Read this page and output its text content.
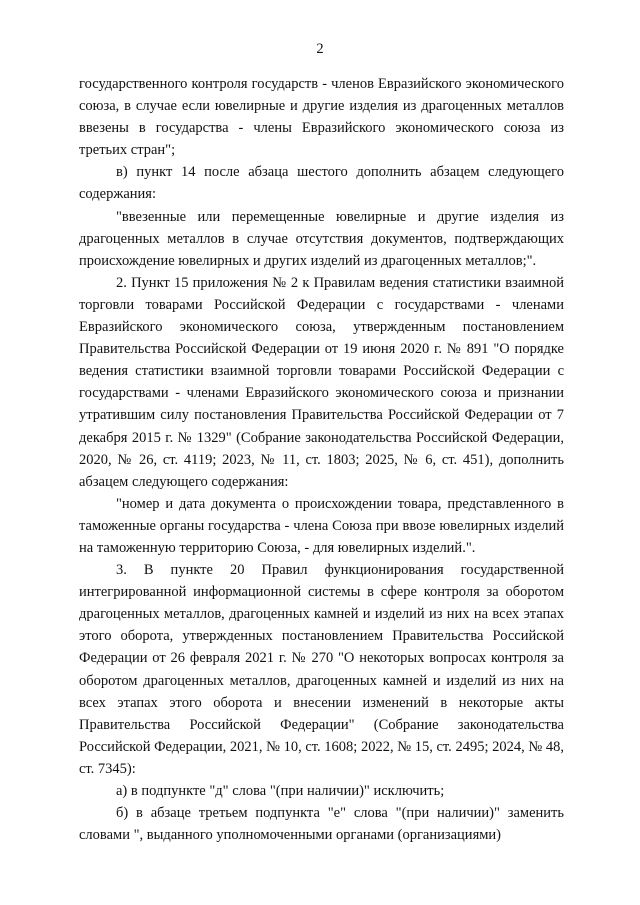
2

государственного контроля государств - членов Евразийского экономического союза, в случае если ювелирные и другие изделия из драгоценных металлов ввезены в государства - члены Евразийского экономического союза из третьих стран";

в) пункт 14 после абзаца шестого дополнить абзацем следующего содержания:

"ввезенные или перемещенные ювелирные и другие изделия из драгоценных металлов в случае отсутствия документов, подтверждающих происхождение ювелирных и других изделий из драгоценных металлов;".

2. Пункт 15 приложения № 2 к Правилам ведения статистики взаимной торговли товарами Российской Федерации с государствами - членами Евразийского экономического союза, утвержденным постановлением Правительства Российской Федерации от 19 июня 2020 г. № 891 "О порядке ведения статистики взаимной торговли товарами Российской Федерации с государствами - членами Евразийского экономического союза и признании утратившим силу постановления Правительства Российской Федерации от 7 декабря 2015 г. № 1329" (Собрание законодательства Российской Федерации, 2020, № 26, ст. 4119; 2023, № 11, ст. 1803; 2025, № 6, ст. 451), дополнить абзацем следующего содержания:

"номер и дата документа о происхождении товара, представленного в таможенные органы государства - члена Союза при ввозе ювелирных изделий на таможенную территорию Союза, - для ювелирных изделий.".

3. В пункте 20 Правил функционирования государственной интегрированной информационной системы в сфере контроля за оборотом драгоценных металлов, драгоценных камней и изделий из них на всех этапах этого оборота, утвержденных постановлением Правительства Российской Федерации от 26 февраля 2021 г. № 270 "О некоторых вопросах контроля за оборотом драгоценных металлов, драгоценных камней и изделий из них на всех этапах этого оборота и внесении изменений в некоторые акты Правительства Российской Федерации" (Собрание законодательства Российской Федерации, 2021, № 10, ст. 1608; 2022, № 15, ст. 2495; 2024, № 48, ст. 7345):

а) в подпункте "д" слова "(при наличии)" исключить;

б) в абзаце третьем подпункта "е" слова "(при наличии)" заменить словами ", выданного уполномоченными органами (организациями)
